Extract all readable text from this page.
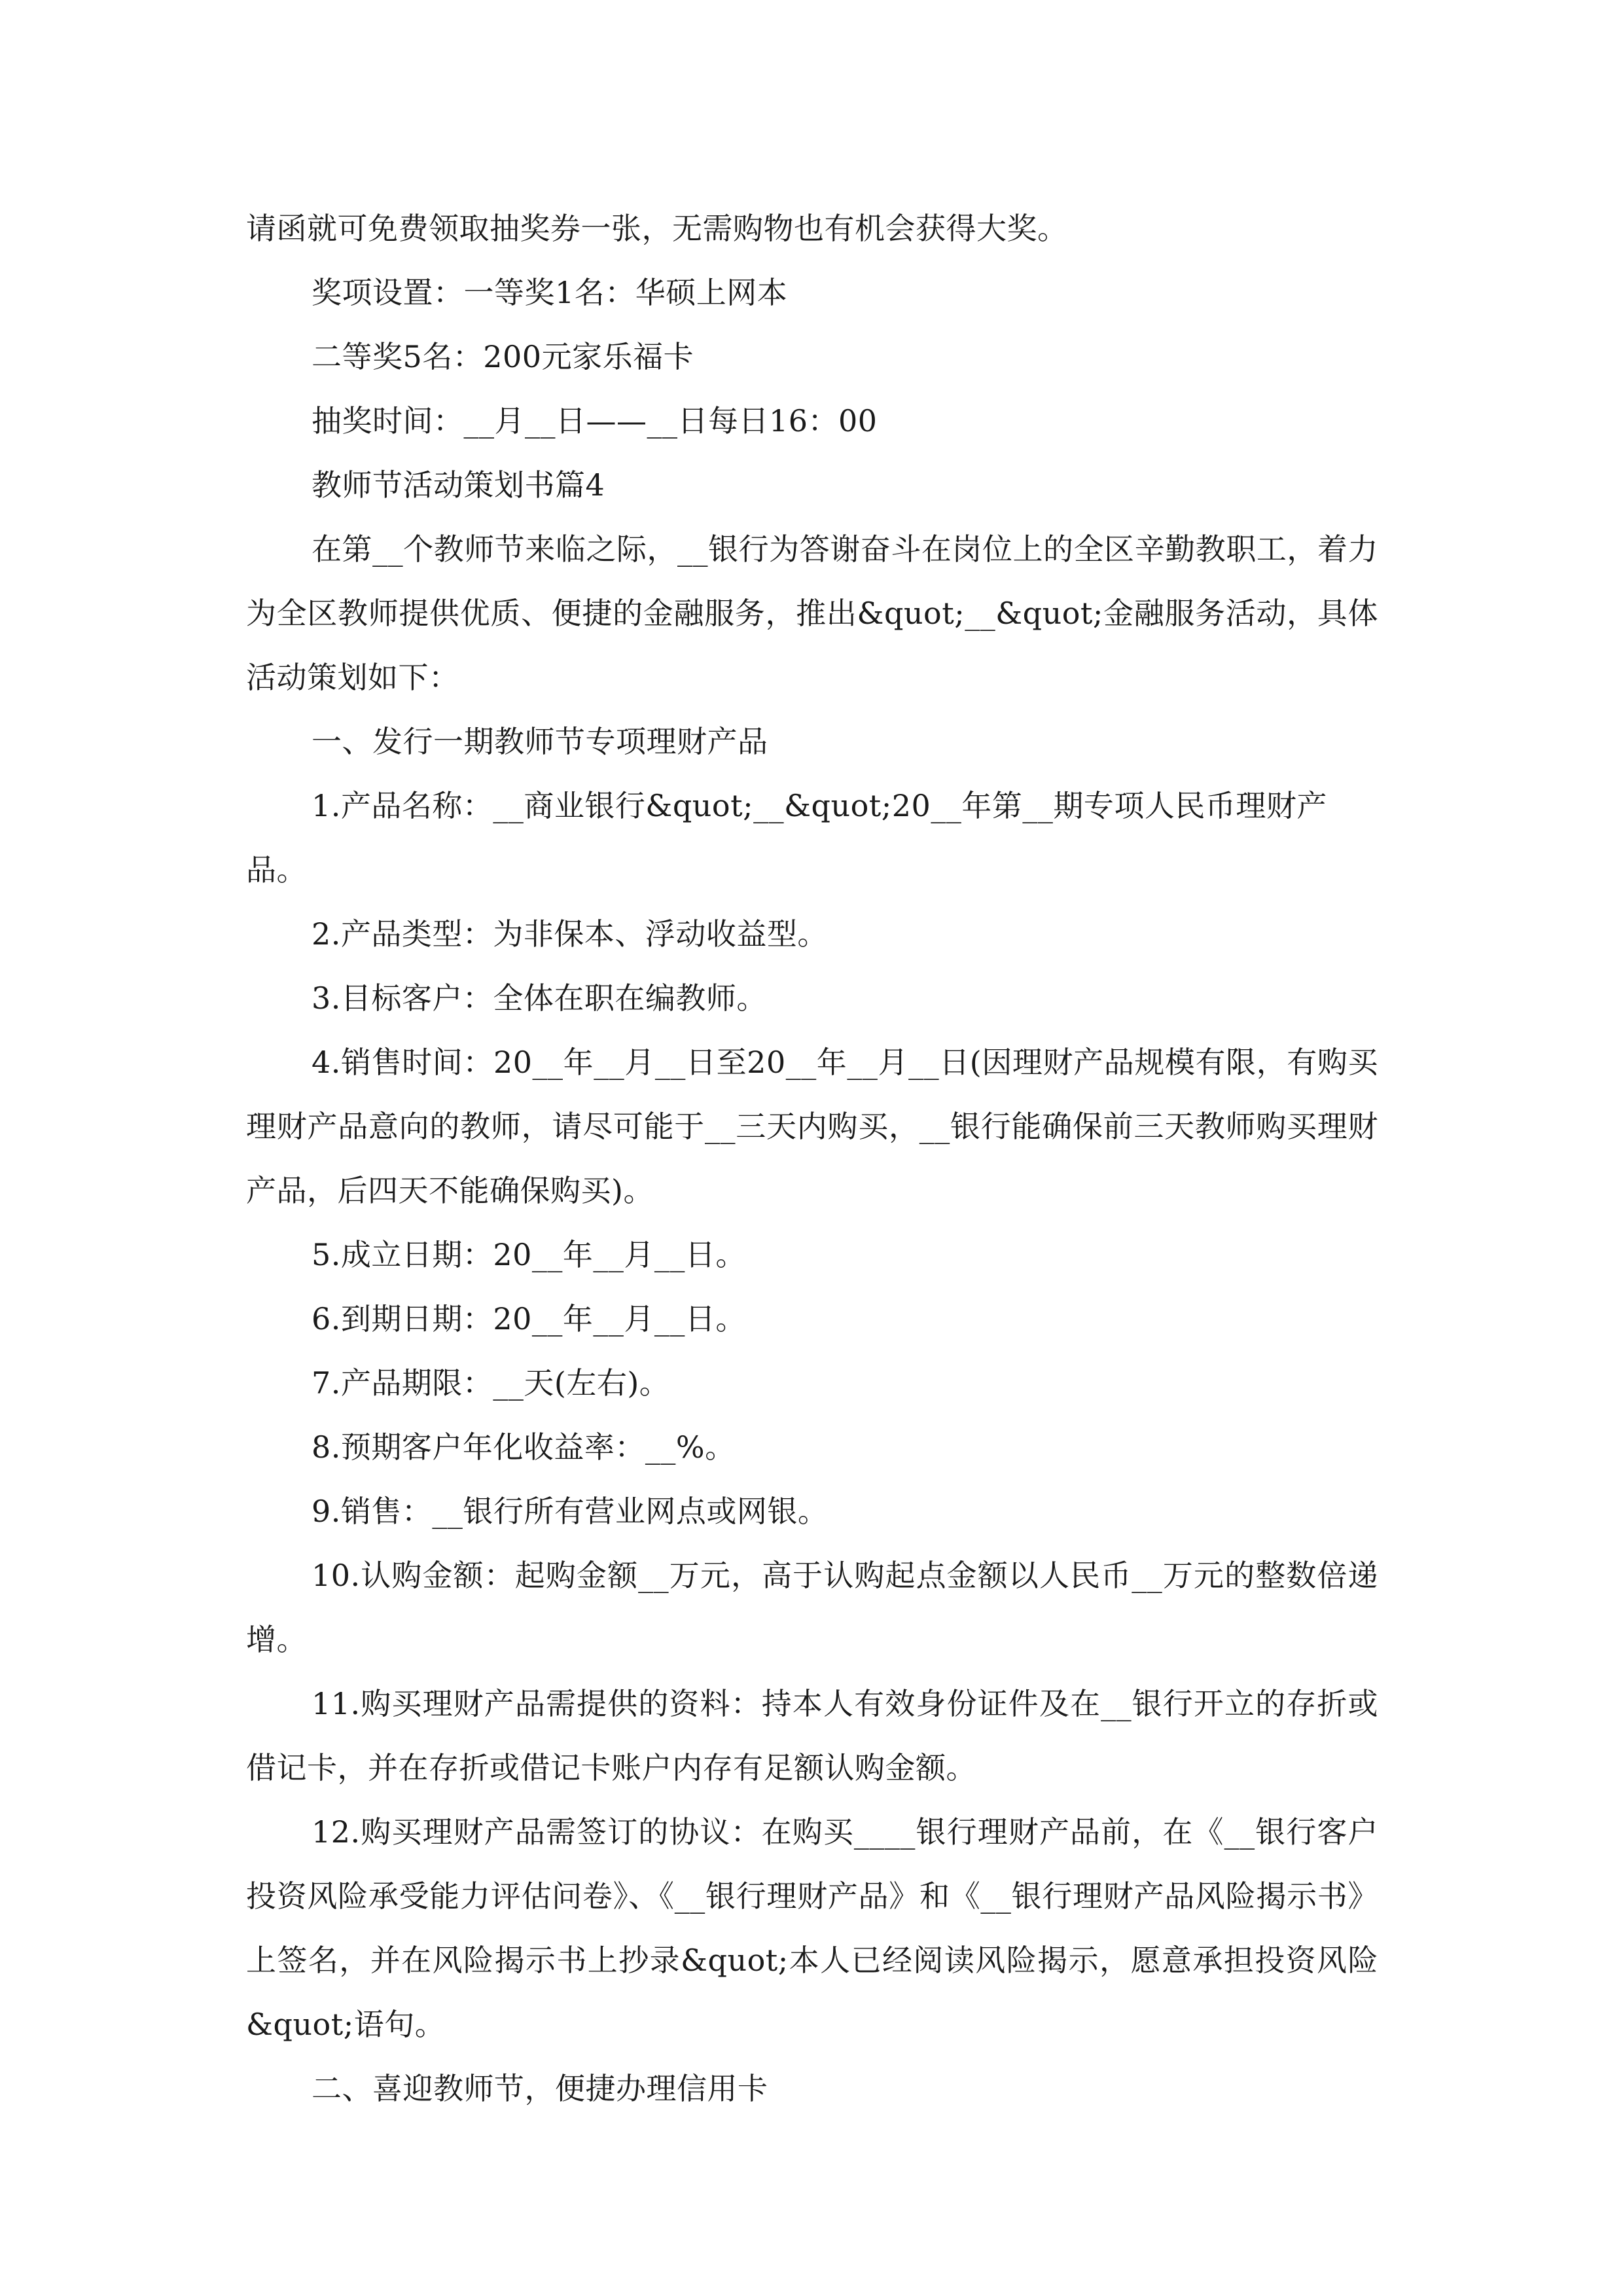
请函就可免费领取抽奖券一张，无需购物也有机会获得大奖。

奖项设置：一等奖1名：华硕上网本

二等奖5名：200元家乐福卡

抽奖时间：__月__日——__日每日16：00

教师节活动策划书篇4

在第__个教师节来临之际，__银行为答谢奋斗在岗位上的全区辛勤教职工，着力为全区教师提供优质、便捷的金融服务，推出&quot;__&quot;金融服务活动，具体活动策划如下：

一、发行一期教师节专项理财产品

1.产品名称：__商业银行&quot;__&quot;20__年第__期专项人民币理财产品。

2.产品类型：为非保本、浮动收益型。

3.目标客户：全体在职在编教师。

4.销售时间：20__年__月__日至20__年__月__日(因理财产品规模有限，有购买理财产品意向的教师，请尽可能于__三天内购买，__银行能确保前三天教师购买理财产品，后四天不能确保购买)。

5.成立日期：20__年__月__日。

6.到期日期：20__年__月__日。

7.产品期限：__天(左右)。

8.预期客户年化收益率：__%。

9.销售：__银行所有营业网点或网银。

10.认购金额：起购金额__万元，高于认购起点金额以人民币__万元的整数倍递增。

11.购买理财产品需提供的资料：持本人有效身份证件及在__银行开立的存折或借记卡，并在存折或借记卡账户内存有足额认购金额。

12.购买理财产品需签订的协议：在购买____银行理财产品前，在《__银行客户投资风险承受能力评估问卷》、《__银行理财产品》和《__银行理财产品风险揭示书》上签名，并在风险揭示书上抄录&quot;本人已经阅读风险揭示，愿意承担投资风险&quot;语句。

二、喜迎教师节，便捷办理信用卡
